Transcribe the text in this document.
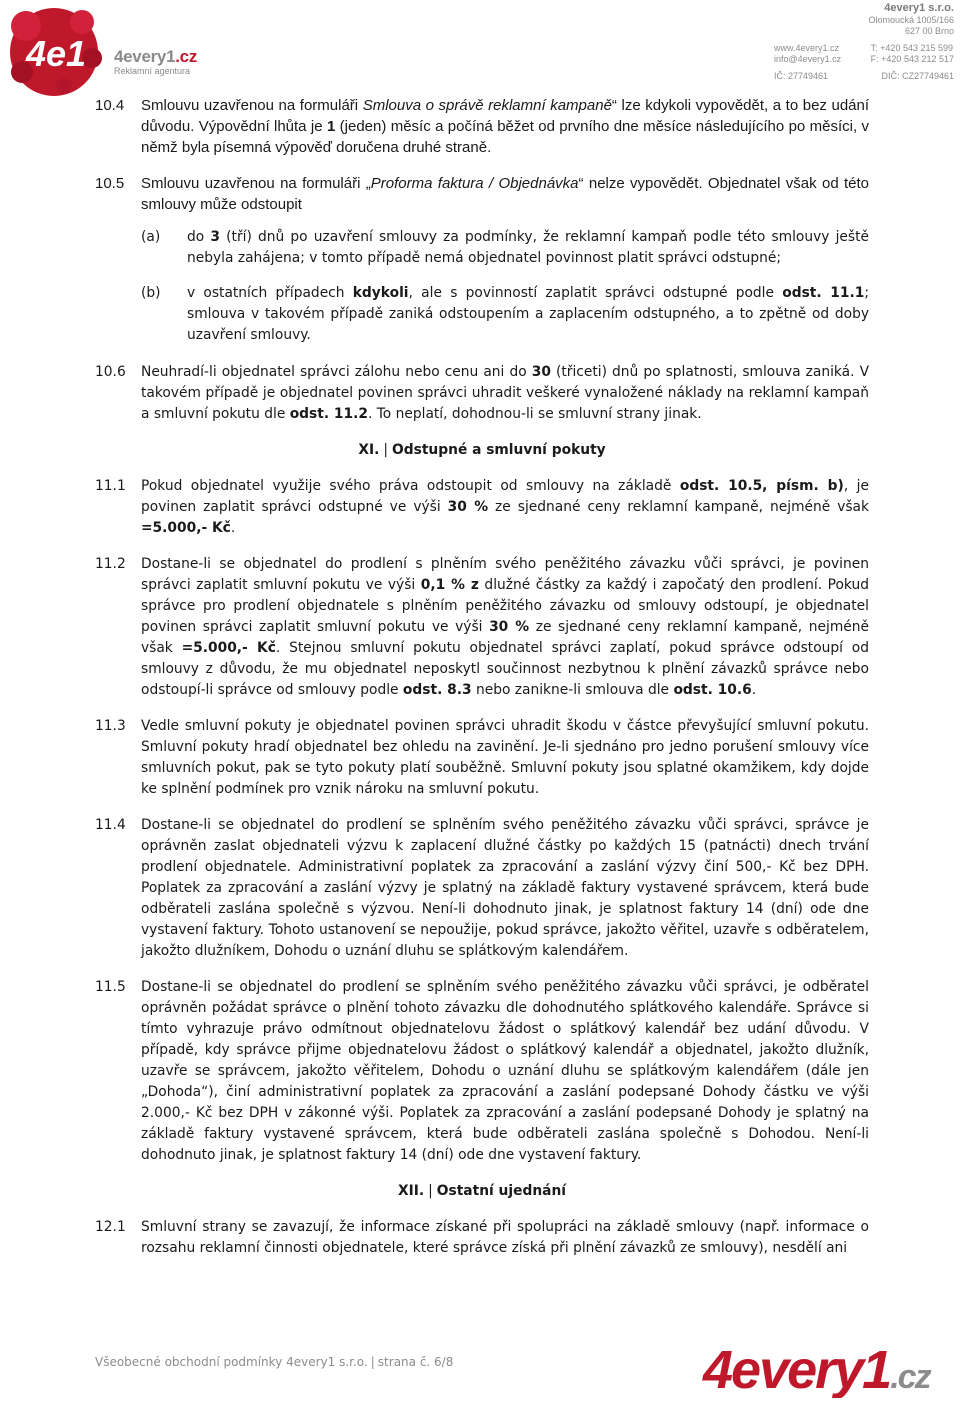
4e1 4every1.cz
Reklamní agentura
4every1 s.r.o.
Olomoucká 1005/166
627 00 Brno
www.4every1.cz
info@4every1.cz
T: +420 543 215 599
F: +420 543 212 517
IČ: 27749461	DIČ: CZ27749461

10.4 Smlouvu uzavřenou na formuláři Smlouva o správě reklamní kampaně“ lze kdykoli vypovědět, a to bez udání důvodu. Výpovědní lhůta je 1 (jeden) měsíc a počíná běžet od prvního dne měsíce následujícího po měsíci, v němž byla písemná výpověď doručena druhé straně.

10.5 Smlouvu uzavřenou na formuláři „Proforma faktura / Objednávka“ nelze vypovědět. Objednatel však od této smlouvy může odstoupit

(a) do 3 (tří) dnů po uzavření smlouvy za podmínky, že reklamní kampaň podle této smlouvy ještě nebyla zahájena; v tomto případě nemá objednatel povinnost platit správci odstupné;

(b) v ostatních případech kdykoli, ale s povinností zaplatit správci odstupné podle odst. 11.1; smlouva v takovém případě zaniká odstoupením a zaplacením odstupného, a to zpětně od doby uzavření smlouvy.

10.6 Neuhradí-li objednatel správci zálohu nebo cenu ani do 30 (třiceti) dnů po splatnosti, smlouva zaniká. V takovém případě je objednatel povinen správci uhradit veškeré vynaložené náklady na reklamní kampaň a smluvní pokutu dle odst. 11.2. To neplatí, dohodnou-li se smluvní strany jinak.

XI. | Odstupné a smluvní pokuty

11.1 Pokud objednatel využije svého práva odstoupit od smlouvy na základě odst. 10.5, písm. b), je povinen zaplatit správci odstupné ve výši 30 % ze sjednané ceny reklamní kampaně, nejméně však =5.000,- Kč.

11.2 Dostane-li se objednatel do prodlení s plněním svého peněžitého závazku vůči správci, je povinen správci zaplatit smluvní pokutu ve výši 0,1 % z dlužné částky za každý i započatý den prodlení. Pokud správce pro prodlení objednatele s plněním peněžitého závazku od smlouvy odstoupí, je objednatel povinen správci zaplatit smluvní pokutu ve výši 30 % ze sjednané ceny reklamní kampaně, nejméně však =5.000,- Kč. Stejnou smluvní pokutu objednatel správci zaplatí, pokud správce odstoupí od smlouvy z důvodu, že mu objednatel neposkytl součinnost nezbytnou k plnění závazků správce nebo odstoupí-li správce od smlouvy podle odst. 8.3 nebo zanikne-li smlouva dle odst. 10.6.

11.3 Vedle smluvní pokuty je objednatel povinen správci uhradit škodu v částce převyšující smluvní pokutu. Smluvní pokuty hradí objednatel bez ohledu na zavinění. Je-li sjednáno pro jedno porušení smlouvy více smluvních pokut, pak se tyto pokuty platí souběžně. Smluvní pokuty jsou splatné okamžikem, kdy dojde ke splnění podmínek pro vznik nároku na smluvní pokutu.

11.4 Dostane-li se objednatel do prodlení se splněním svého peněžitého závazku vůči správci, správce je oprávněn zaslat objednateli výzvu k zaplacení dlužné částky po každých 15 (patnácti) dnech trvání prodlení objednatele. Administrativní poplatek za zpracování a zaslání výzvy činí 500,- Kč bez DPH. Poplatek za zpracování a zaslání výzvy je splatný na základě faktury vystavené správcem, která bude odběrateli zaslána společně s výzvou. Není-li dohodnuto jinak, je splatnost faktury 14 (dní) ode dne vystavení faktury. Tohoto ustanovení se nepoužije, pokud správce, jakožto věřitel, uzavře s odběratelem, jakožto dlužníkem, Dohodu o uznání dluhu se splátkovým kalendářem.

11.5 Dostane-li se objednatel do prodlení se splněním svého peněžitého závazku vůči správci, je odběratel oprávněn požádat správce o plnění tohoto závazku dle dohodnutého splátkového kalendáře. Správce si tímto vyhrazuje právo odmítnout objednatelovu žádost o splátkový kalendář bez udání důvodu. V případě, kdy správce přijme objednatelovu žádost o splátkový kalendář a objednatel, jakožto dlužník, uzavře se správcem, jakožto věřitelem, Dohodu o uznání dluhu se splátkovým kalendářem (dále jen „Dohoda“), činí administrativní poplatek za zpracování a zaslání podepsané Dohody částku ve výši 2.000,- Kč bez DPH v zákonné výši. Poplatek za zpracování a zaslání podepsané Dohody je splatný na základě faktury vystavené správcem, která bude odběrateli zaslána společně s Dohodou. Není-li dohodnuto jinak, je splatnost faktury 14 (dní) ode dne vystavení faktury.

XII. | Ostatní ujednání

12.1 Smluvní strany se zavazují, že informace získané při spolupráci na základě smlouvy (např. informace o rozsahu reklamní činnosti objednatele, které správce získá při plnění závazků ze smlouvy), nesdělí ani

Všeobecné obchodní podmínky 4every1 s.r.o. | strana č. 6/8	4every1.cz
